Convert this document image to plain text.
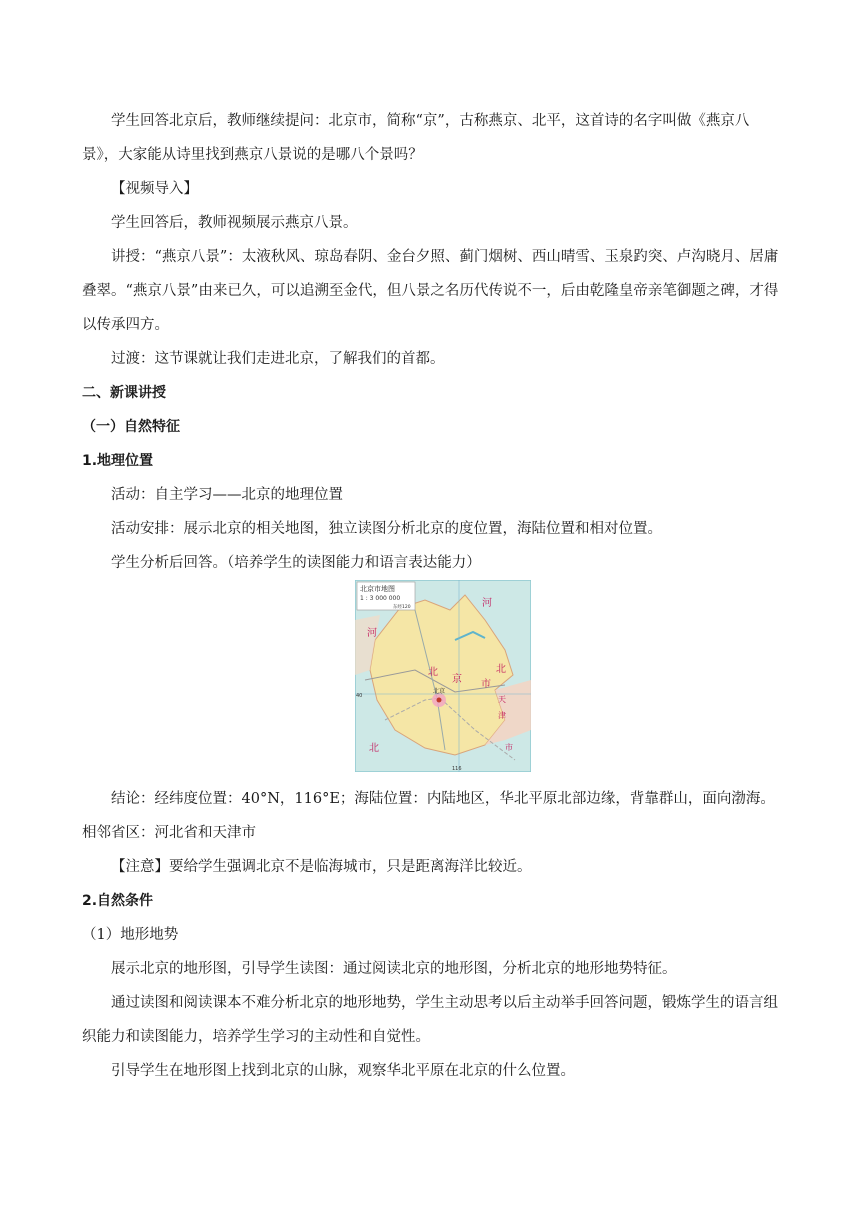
学生回答北京后，教师继续提问：北京市，简称“京”，古称燕京、北平，这首诗的名字叫做《燕京八景》，大家能从诗里找到燕京八景说的是哪八个景吗？

【视频导入】

学生回答后，教师视频展示燕京八景。

讲授：“燕京八景”：太液秋风、琼岛春阴、金台夕照、蓟门烟树、西山晴雪、玉泉趵突、卢沟晓月、居庸叠翠。“燕京八景”由来已久，可以追溯至金代，但八景之名历代传说不一，后由乾隆皇帝亲笔御题之碑，才得以传承四方。

过渡：这节课就让我们走进北京，了解我们的首都。

二、新课讲授

（一）自然特征

1.地理位置

活动：自主学习——北京的地理位置

活动安排：展示北京的相关地图，独立读图分析北京的度位置，海陆位置和相对位置。

学生分析后回答。（培养学生的读图能力和语言表达能力）

北京市地图
1 : 3 000 000
东经120	河
河
北
京 市
北
天
津
市
北
北京
40
116

结论：经纬度位置：40°N，116°E；海陆位置：内陆地区，华北平原北部边缘，背靠群山，面向渤海。相邻省区：河北省和天津市

【注意】要给学生强调北京不是临海城市，只是距离海洋比较近。

2.自然条件

（1）地形地势

展示北京的地形图，引导学生读图：通过阅读北京的地形图，分析北京的地形地势特征。

通过读图和阅读课本不难分析北京的地形地势，学生主动思考以后主动举手回答问题，锻炼学生的语言组织能力和读图能力，培养学生学习的主动性和自觉性。

引导学生在地形图上找到北京的山脉，观察华北平原在北京的什么位置。
